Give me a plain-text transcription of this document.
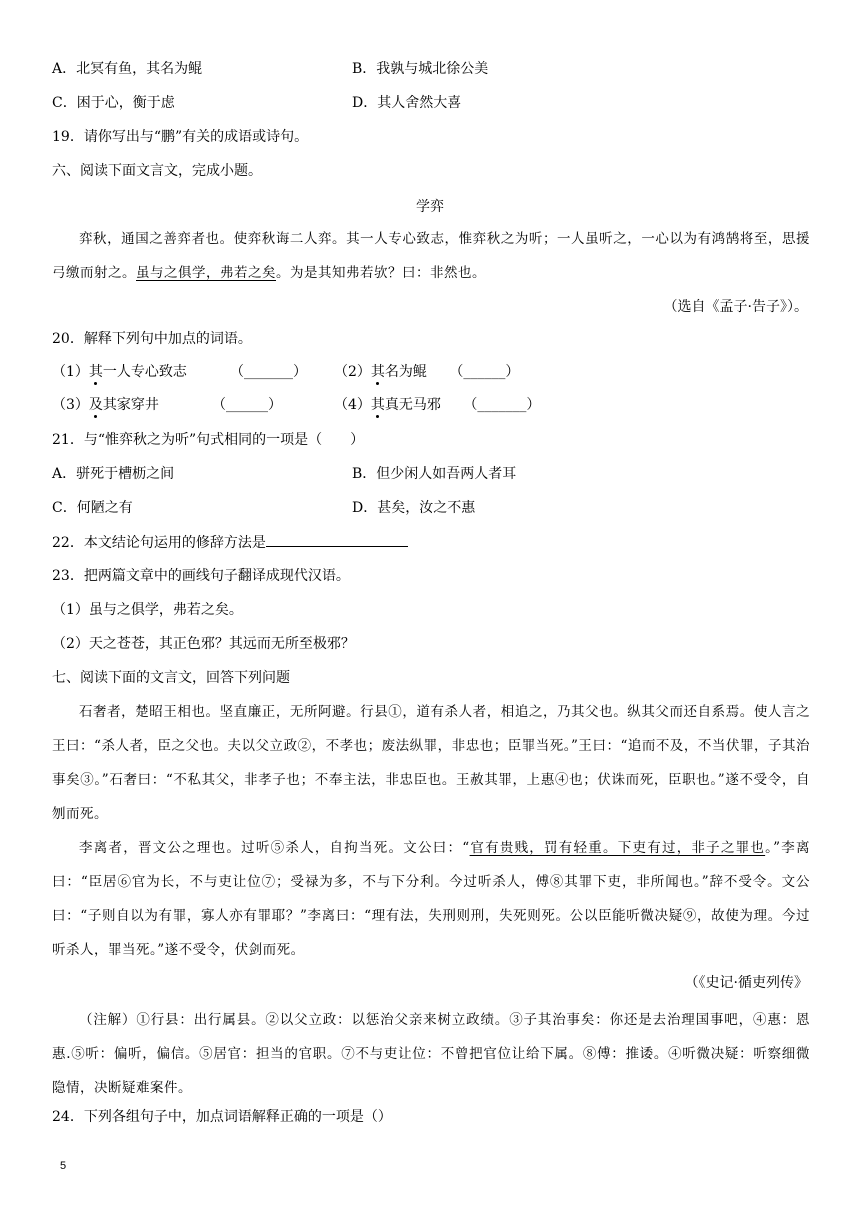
A．北冥有鱼，其名为鲲	B．我孰与城北徐公美
C．困于心，衡于虑	D．其人舍然大喜
19．请你写出与“鹏”有关的成语或诗句。
六、阅读下面文言文，完成小题。
学弈
弈秋，通国之善弈者也。使弈秋诲二人弈。其一人专心致志，惟弈秋之为听；一人虽听之，一心以为有鸿鹄将至，思援弓缴而射之。虽与之俱学，弗若之矣。为是其知弗若欤？曰：非然也。
（选自《孟子·告子》）。
20．解释下列句中加点的词语。
（1）其一人专心致志	（_______） （2）其名为鲲 （______）
（3）及其家穿井	（______）	（4）其真无马邪 （_______）
21．与“惟弈秋之为听”句式相同的一项是（　　）
A．骈死于槽枥之间	B．但少闲人如吾两人者耳
C．何陋之有	D．甚矣，汝之不惠
22．本文结论句运用的修辞方法是
23．把两篇文章中的画线句子翻译成现代汉语。
（1）虽与之俱学，弗若之矣。
（2）天之苍苍，其正色邪？其远而无所至极邪？
七、阅读下面的文言文，回答下列问题
石奢者，楚昭王相也。坚直廉正，无所阿避。行县①，道有杀人者，相追之，乃其父也。纵其父而还自系焉。使人言之王曰：“杀人者，臣之父也。夫以父立政②，不孝也；废法纵罪，非忠也；臣罪当死。”王曰：“追而不及，不当伏罪，子其治事矣③。”石奢曰：“不私其父，非孝子也；不奉主法，非忠臣也。王赦其罪，上惠④也；伏诛而死，臣职也。”遂不受令，自刎而死。
李离者，晋文公之理也。过听⑤杀人，自拘当死。文公曰：“官有贵贱，罚有轻重。下吏有过，非子之罪也。”李离曰：“臣居⑥官为长，不与吏让位⑦；受禄为多，不与下分利。今过听杀人，傅⑧其罪下吏，非所闻也。”辞不受令。文公曰：“子则自以为有罪，寡人亦有罪耶？”李离曰：“理有法，失刑则刑，失死则死。公以臣能听微决疑⑨，故使为理。今过听杀人，罪当死。”遂不受令，伏剑而死。
（《史记·循吏列传》
（注解）①行县：出行属县。②以父立政：以惩治父亲来树立政绩。③子其治事矣：你还是去治理国事吧，④惠：恩惠.⑤听：偏听，偏信。⑤居官：担当的官职。⑦不与吏让位：不曾把官位让给下属。⑧傅：推诿。④听微决疑：听察细微隐情，决断疑难案件。
24．下列各组句子中，加点词语解释正确的一项是（）
5
